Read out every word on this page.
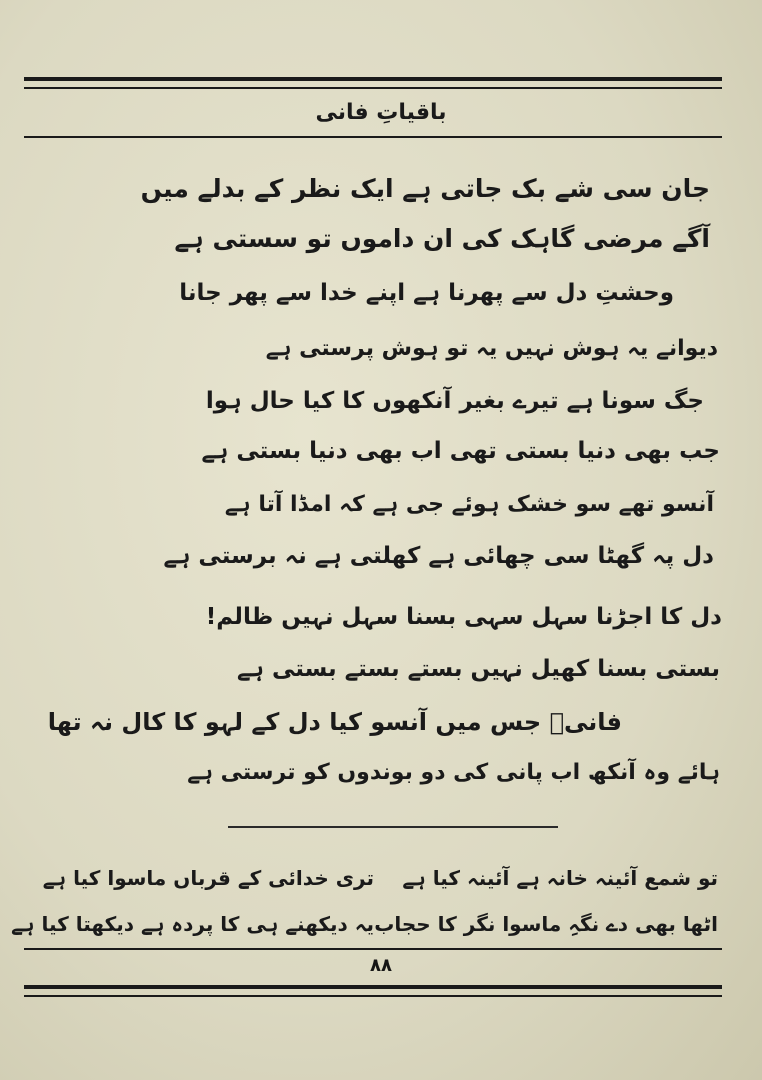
باقیاتِ فانی
جان سی شے بک جاتی ہے ایک نظر کے بدلے میں
آگے مرضی گاہک کی ان داموں تو سستی ہے
وحشتِ دل سے پھرنا ہے اپنے خدا سے پھر جانا
دیوانے یہ ہوش نہیں یہ تو ہوش پرستی ہے
جگ سونا ہے تیرے بغیر آنکھوں کا کیا حال ہوا
جب بھی دنیا بستی تھی اب بھی دنیا بستی ہے
آنسو تھے سو خشک ہوئے جی ہے کہ امڈا آتا ہے
دل پہ گھٹا سی چھائی ہے کھلتی ہے نہ برستی ہے
دل کا اجڑنا سہل سہی بسنا سہل نہیں ظالم!
بستی بسنا کھیل نہیں بستے بستے بستی ہے
فانیؔ جس میں آنسو کیا دل کے لہو کا کال نہ تھا
ہائے وہ آنکھ اب پانی کی دو بوندوں کو ترستی ہے
تو شمع آئینہ خانہ ہے آئینہ کیا ہے
تری خدائی کے قرباں ماسوا کیا ہے
اٹھا بھی دے نگہِ ماسوا نگر کا حجاب
یہ دیکھنے ہی کا پردہ ہے دیکھتا کیا ہے
۸۸
